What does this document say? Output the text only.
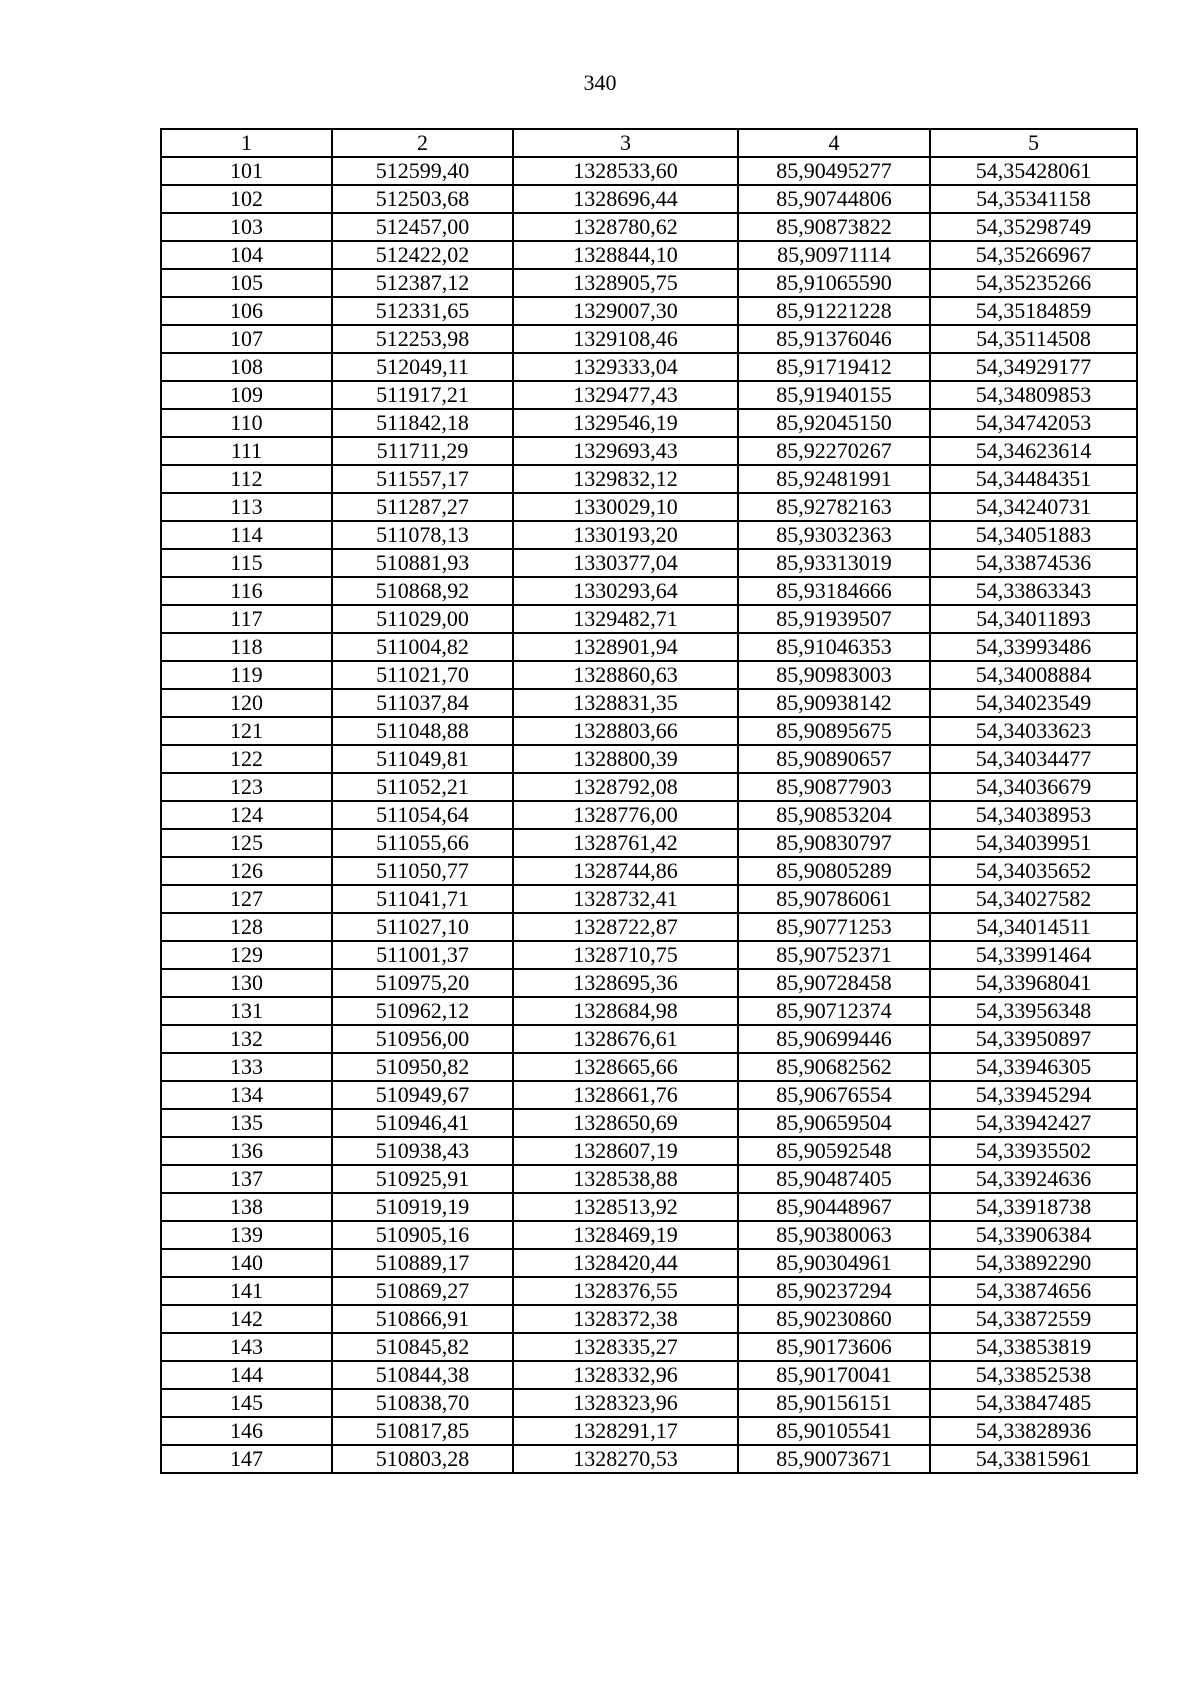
340
1	2	3	4	5
101	512599,40	1328533,60	85,90495277	54,35428061
102	512503,68	1328696,44	85,90744806	54,35341158
103	512457,00	1328780,62	85,90873822	54,35298749
104	512422,02	1328844,10	85,90971114	54,35266967
105	512387,12	1328905,75	85,91065590	54,35235266
106	512331,65	1329007,30	85,91221228	54,35184859
107	512253,98	1329108,46	85,91376046	54,35114508
108	512049,11	1329333,04	85,91719412	54,34929177
109	511917,21	1329477,43	85,91940155	54,34809853
110	511842,18	1329546,19	85,92045150	54,34742053
111	511711,29	1329693,43	85,92270267	54,34623614
112	511557,17	1329832,12	85,92481991	54,34484351
113	511287,27	1330029,10	85,92782163	54,34240731
114	511078,13	1330193,20	85,93032363	54,34051883
115	510881,93	1330377,04	85,93313019	54,33874536
116	510868,92	1330293,64	85,93184666	54,33863343
117	511029,00	1329482,71	85,91939507	54,34011893
118	511004,82	1328901,94	85,91046353	54,33993486
119	511021,70	1328860,63	85,90983003	54,34008884
120	511037,84	1328831,35	85,90938142	54,34023549
121	511048,88	1328803,66	85,90895675	54,34033623
122	511049,81	1328800,39	85,90890657	54,34034477
123	511052,21	1328792,08	85,90877903	54,34036679
124	511054,64	1328776,00	85,90853204	54,34038953
125	511055,66	1328761,42	85,90830797	54,34039951
126	511050,77	1328744,86	85,90805289	54,34035652
127	511041,71	1328732,41	85,90786061	54,34027582
128	511027,10	1328722,87	85,90771253	54,34014511
129	511001,37	1328710,75	85,90752371	54,33991464
130	510975,20	1328695,36	85,90728458	54,33968041
131	510962,12	1328684,98	85,90712374	54,33956348
132	510956,00	1328676,61	85,90699446	54,33950897
133	510950,82	1328665,66	85,90682562	54,33946305
134	510949,67	1328661,76	85,90676554	54,33945294
135	510946,41	1328650,69	85,90659504	54,33942427
136	510938,43	1328607,19	85,90592548	54,33935502
137	510925,91	1328538,88	85,90487405	54,33924636
138	510919,19	1328513,92	85,90448967	54,33918738
139	510905,16	1328469,19	85,90380063	54,33906384
140	510889,17	1328420,44	85,90304961	54,33892290
141	510869,27	1328376,55	85,90237294	54,33874656
142	510866,91	1328372,38	85,90230860	54,33872559
143	510845,82	1328335,27	85,90173606	54,33853819
144	510844,38	1328332,96	85,90170041	54,33852538
145	510838,70	1328323,96	85,90156151	54,33847485
146	510817,85	1328291,17	85,90105541	54,33828936
147	510803,28	1328270,53	85,90073671	54,33815961
